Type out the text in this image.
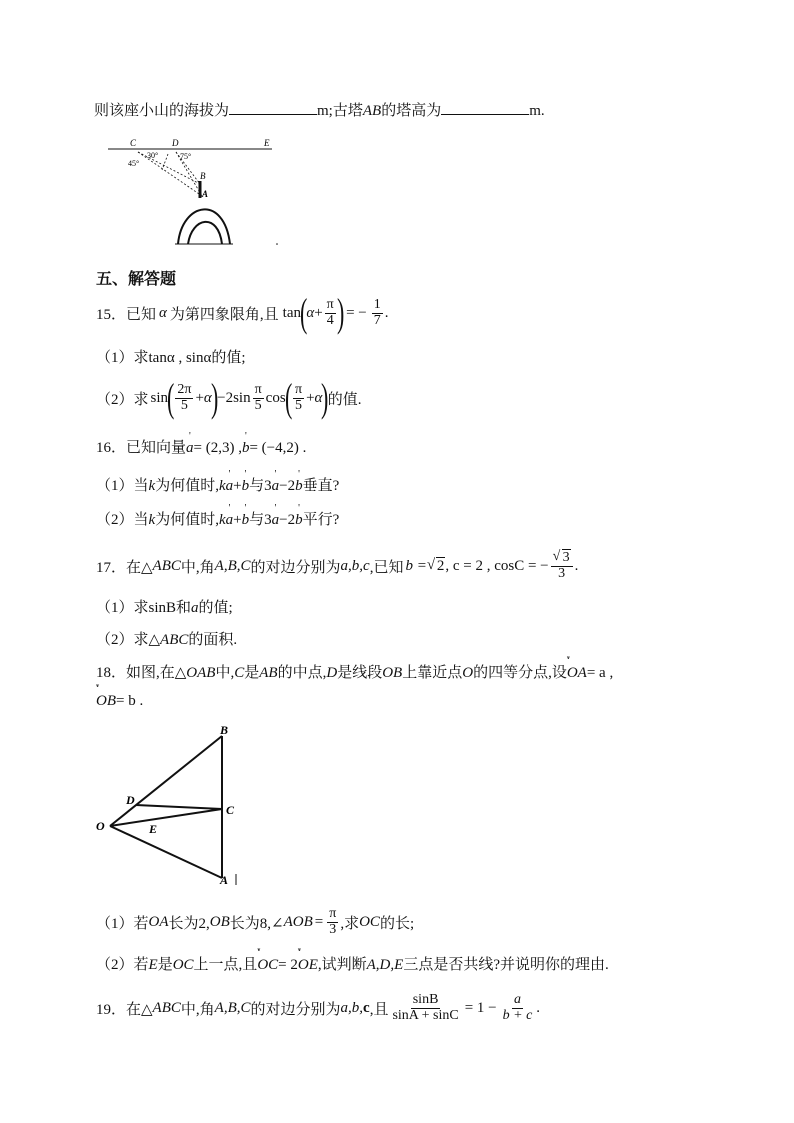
则该座小山的海拔为	m;古塔AB的塔高为	m.
C	D	E
B
A
30°	75°
45°
五、解答题
15．已知 α 为第四象限角,且 tan
(
$\alpha + \frac{\pi}{4}$ ) = − $\frac{1}{7}$ .
（1）求tanα , sinα的值;
（2）求 sin
( $\frac{2\pi}{5} + \alpha$
)
$-2\sin \frac{\pi}{5}$ cos
( $\frac{\pi}{5} + \alpha$
)
的值.
16．已知向量' a= (2,3) ,' b= (−4,2) .
（1）当k为何值时,k' a+' b与3' a−2' b垂直?
（2）当k为何值时,k' a+' b与3' a−2' b平行?
17．在△ ABC 中,角 A,B,C 的对边分别为 a,b,c ,已知 b = √ 2 , c = 2 , cosC = − √ $\frac{3}{3}$ .
（1）求sinB和a的值;
（2）求△ABC的面积.
18．如图,在△OAB中,C是AB的中点,D是线段OB上靠近点O的四等分点,设ᵛᵛᵛ OA= a ,
ᵛᵛᵛ OB= b .
B
D
C
O	E
A
（1）若 OA 长为2, OB 长为8,∠ AOB = $\frac{\pi}{3}$ ,求 OC 的长;
（2）若E是OC上一点,且ᵛᵛᵛ OC= 2ᵛᵛᵛ OE,试判断A,D,E三点是否共线?并说明你的理由.
19．在△ ABC 中,角 A,B,C 的对边分别为 a,b, c ,且 $\frac{\sin B}{\sin A + \sin C} = 1 - \frac{a}{b + c}$ .
